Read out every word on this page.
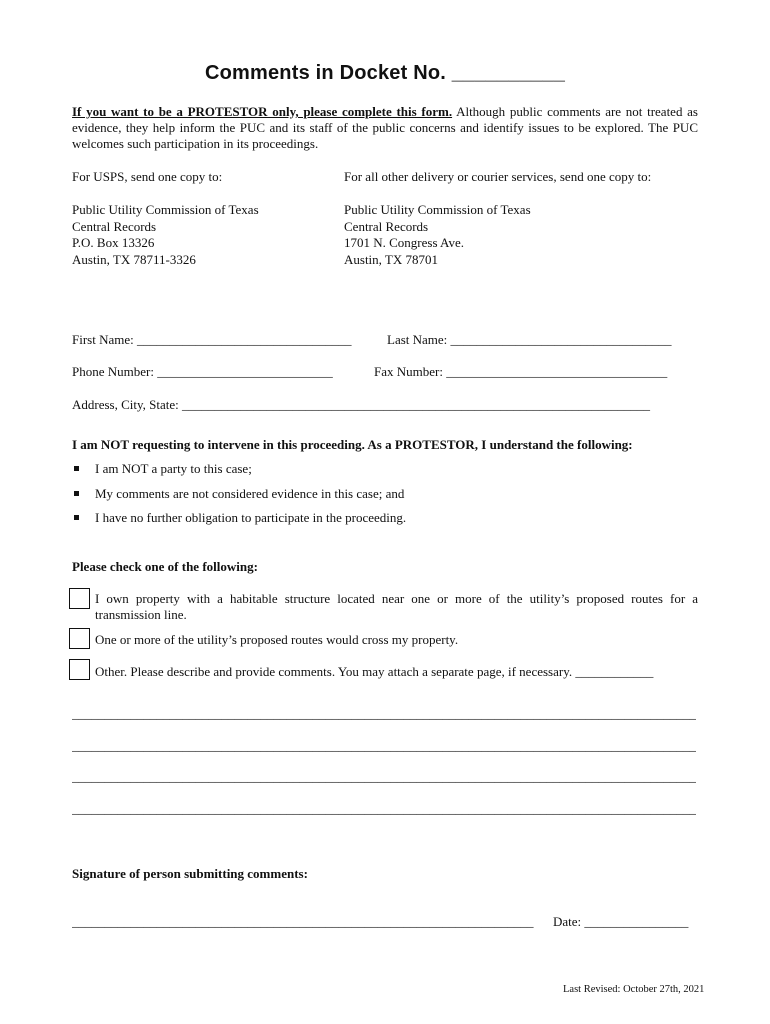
Comments in Docket No. __________
If you want to be a PROTESTOR only, please complete this form. Although public comments are not treated as evidence, they help inform the PUC and its staff of the public concerns and identify issues to be explored. The PUC welcomes such participation in its proceedings.
For USPS, send one copy to:	For all other delivery or courier services, send one copy to:
Public Utility Commission of Texas
Central Records
P.O. Box 13326
Austin, TX 78711-3326
Public Utility Commission of Texas
Central Records
1701 N. Congress Ave.
Austin, TX 78701
First Name: _________________________________	Last Name: __________________________________
Phone Number: ___________________________	Fax Number: __________________________________
Address, City, State: ________________________________________________________________________
I am NOT requesting to intervene in this proceeding. As a PROTESTOR, I understand the following:
I am NOT a party to this case;
My comments are not considered evidence in this case; and
I have no further obligation to participate in the proceeding.
Please check one of the following:
I own property with a habitable structure located near one or more of the utility’s proposed routes for a transmission line.
One or more of the utility’s proposed routes would cross my property.
Other. Please describe and provide comments. You may attach a separate page, if necessary. ____________
________________________________________________________________________________________________
________________________________________________________________________________________________
________________________________________________________________________________________________
________________________________________________________________________________________________
Signature of person submitting comments:
_______________________________________________________________________	Date: ________________
Last Revised: October 27th, 2021
